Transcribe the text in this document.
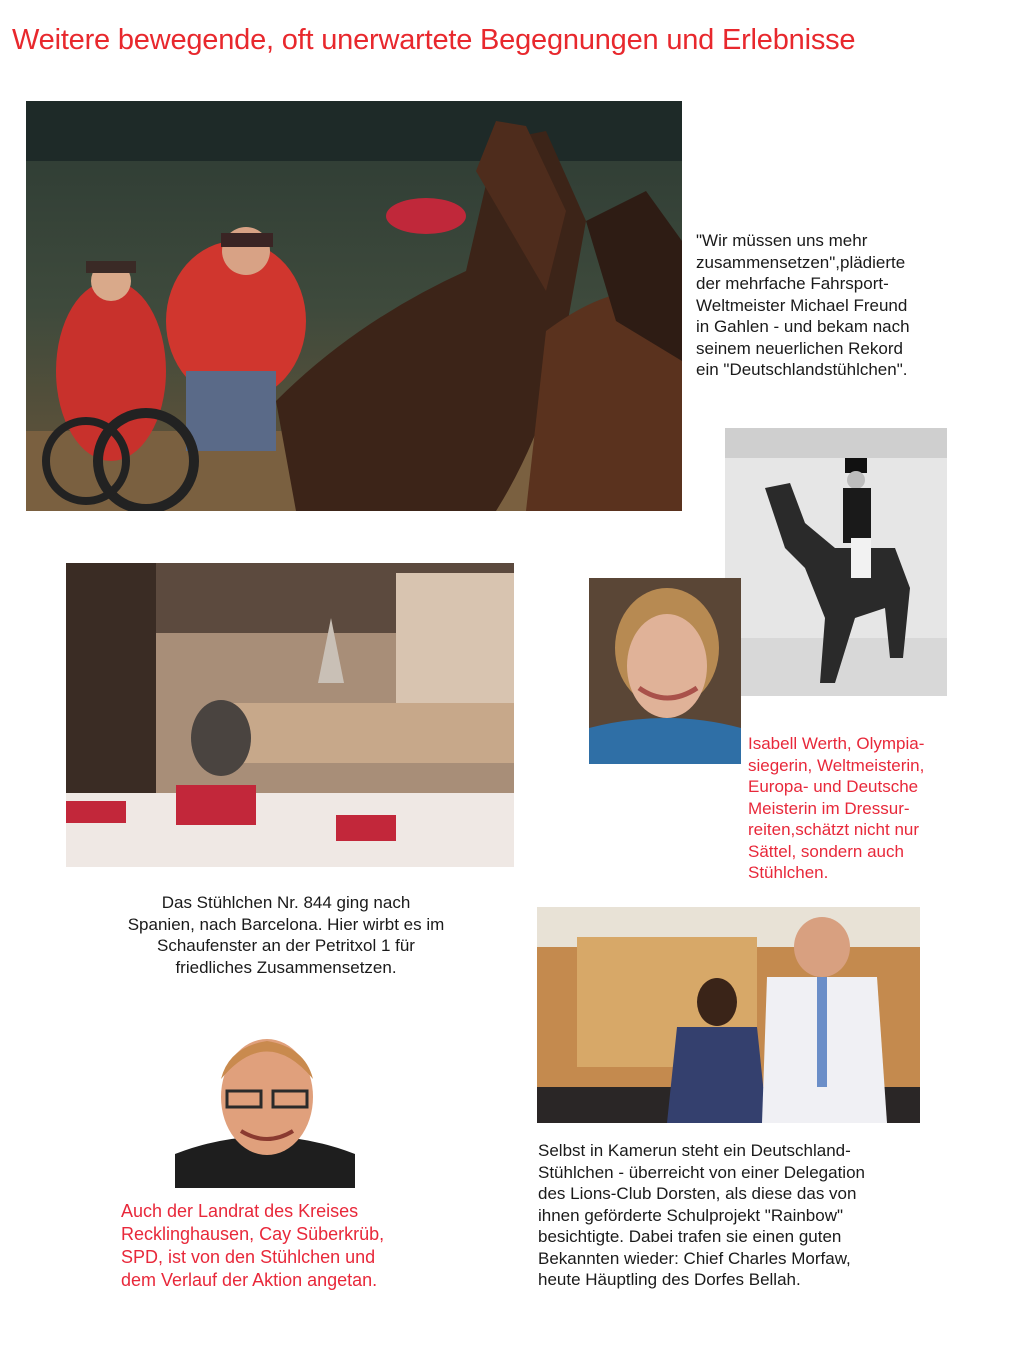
Weitere bewegende, oft unerwartete Begegnungen und Erlebnisse

"Wir müssen uns mehr
zusammensetzen",plädierte
der mehrfache Fahrsport-
Weltmeister Michael Freund
in Gahlen - und bekam nach
seinem neuerlichen Rekord
ein "Deutschlandstühlchen".

Isabell Werth, Olympia-
siegerin, Weltmeisterin,
Europa- und Deutsche
Meisterin im Dressur-
reiten,schätzt nicht nur
Sättel, sondern auch
Stühlchen.

Das Stühlchen Nr. 844 ging nach
Spanien, nach Barcelona. Hier wirbt es im
Schaufenster an der Petritxol 1 für
friedliches Zusammensetzen.

Auch der Landrat des Kreises
Recklinghausen, Cay Süberkrüb,
SPD, ist von den Stühlchen und
dem Verlauf der Aktion angetan.

Selbst in Kamerun steht ein Deutschland-
Stühlchen - überreicht von einer Delegation
des Lions-Club Dorsten, als diese das von
ihnen geförderte Schulprojekt "Rainbow"
besichtigte. Dabei trafen sie einen guten
Bekannten wieder: Chief Charles Morfaw,
heute Häuptling des Dorfes Bellah.
